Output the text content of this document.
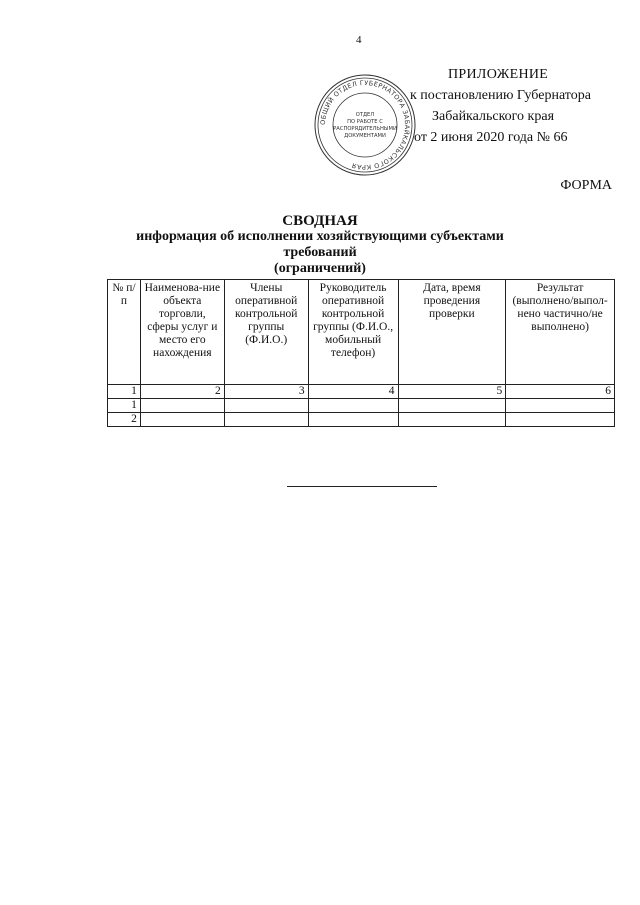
4
ПРИЛОЖЕНИЕ
к постановлению Губернатора
Забайкальского края
от 2 июня 2020 года № 66
ОБЩИЙ ОТДЕЛ ГУБЕРНАТОРА ЗАБАЙКАЛЬСКОГО КРАЯ
ОТДЕЛ
ПО РАБОТЕ С
РАСПОРЯДИТЕЛЬНЫМИ
ДОКУМЕНТАМИ
ФОРМА
СВОДНАЯ
информация об исполнении хозяйствующими субъектами требований
(ограничений)
№ п/п	Наименова-ние объекта торговли, сферы услуг и место его нахождения	Члены оперативной контрольной группы (Ф.И.О.)	Руководитель оперативной контрольной группы (Ф.И.О., мобильный телефон)	Дата, время проведения проверки	Результат (выполнено/выпол-нено частично/не выполнено)
1	2	3	4	5	6
1					
2					
